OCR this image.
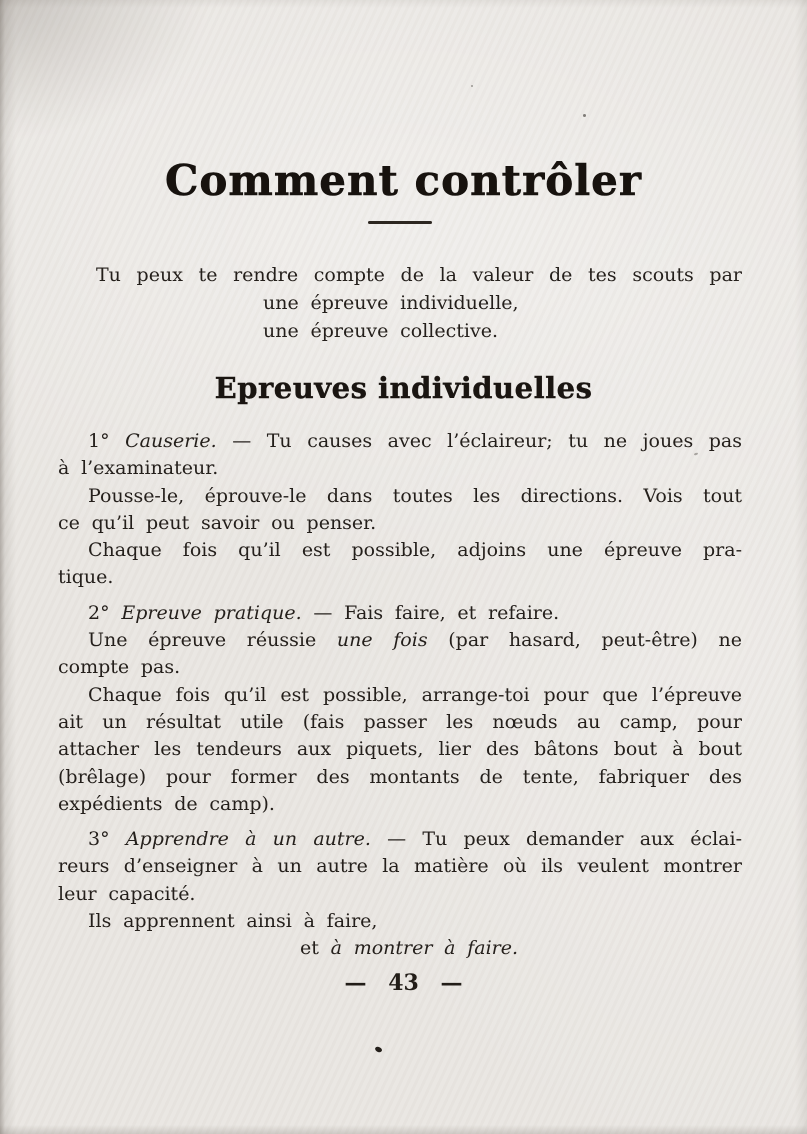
Comment contrôler
Tu peux te rendre compte de la valeur de tes scouts par
une épreuve individuelle,
une épreuve collective.
Epreuves individuelles
1° Causerie. — Tu causes avec l’éclaireur; tu ne joues pas
à l’examinateur.
Pousse-le, éprouve-le dans toutes les directions. Vois tout
ce qu’il peut savoir ou penser.
Chaque fois qu’il est possible, adjoins une épreuve pra-
tique.
2° Epreuve pratique. — Fais faire, et refaire.
Une épreuve réussie une fois (par hasard, peut-être) ne
compte pas.
Chaque fois qu’il est possible, arrange-toi pour que l’épreuve
ait un résultat utile (fais passer les nœuds au camp, pour
attacher les tendeurs aux piquets, lier des bâtons bout à bout
(brêlage) pour former des montants de tente, fabriquer des
expédients de camp).
3° Apprendre à un autre. — Tu peux demander aux éclai-
reurs d’enseigner à un autre la matière où ils veulent montrer
leur capacité.
Ils apprennent ainsi à faire,
et à montrer à faire.
— 43 —
